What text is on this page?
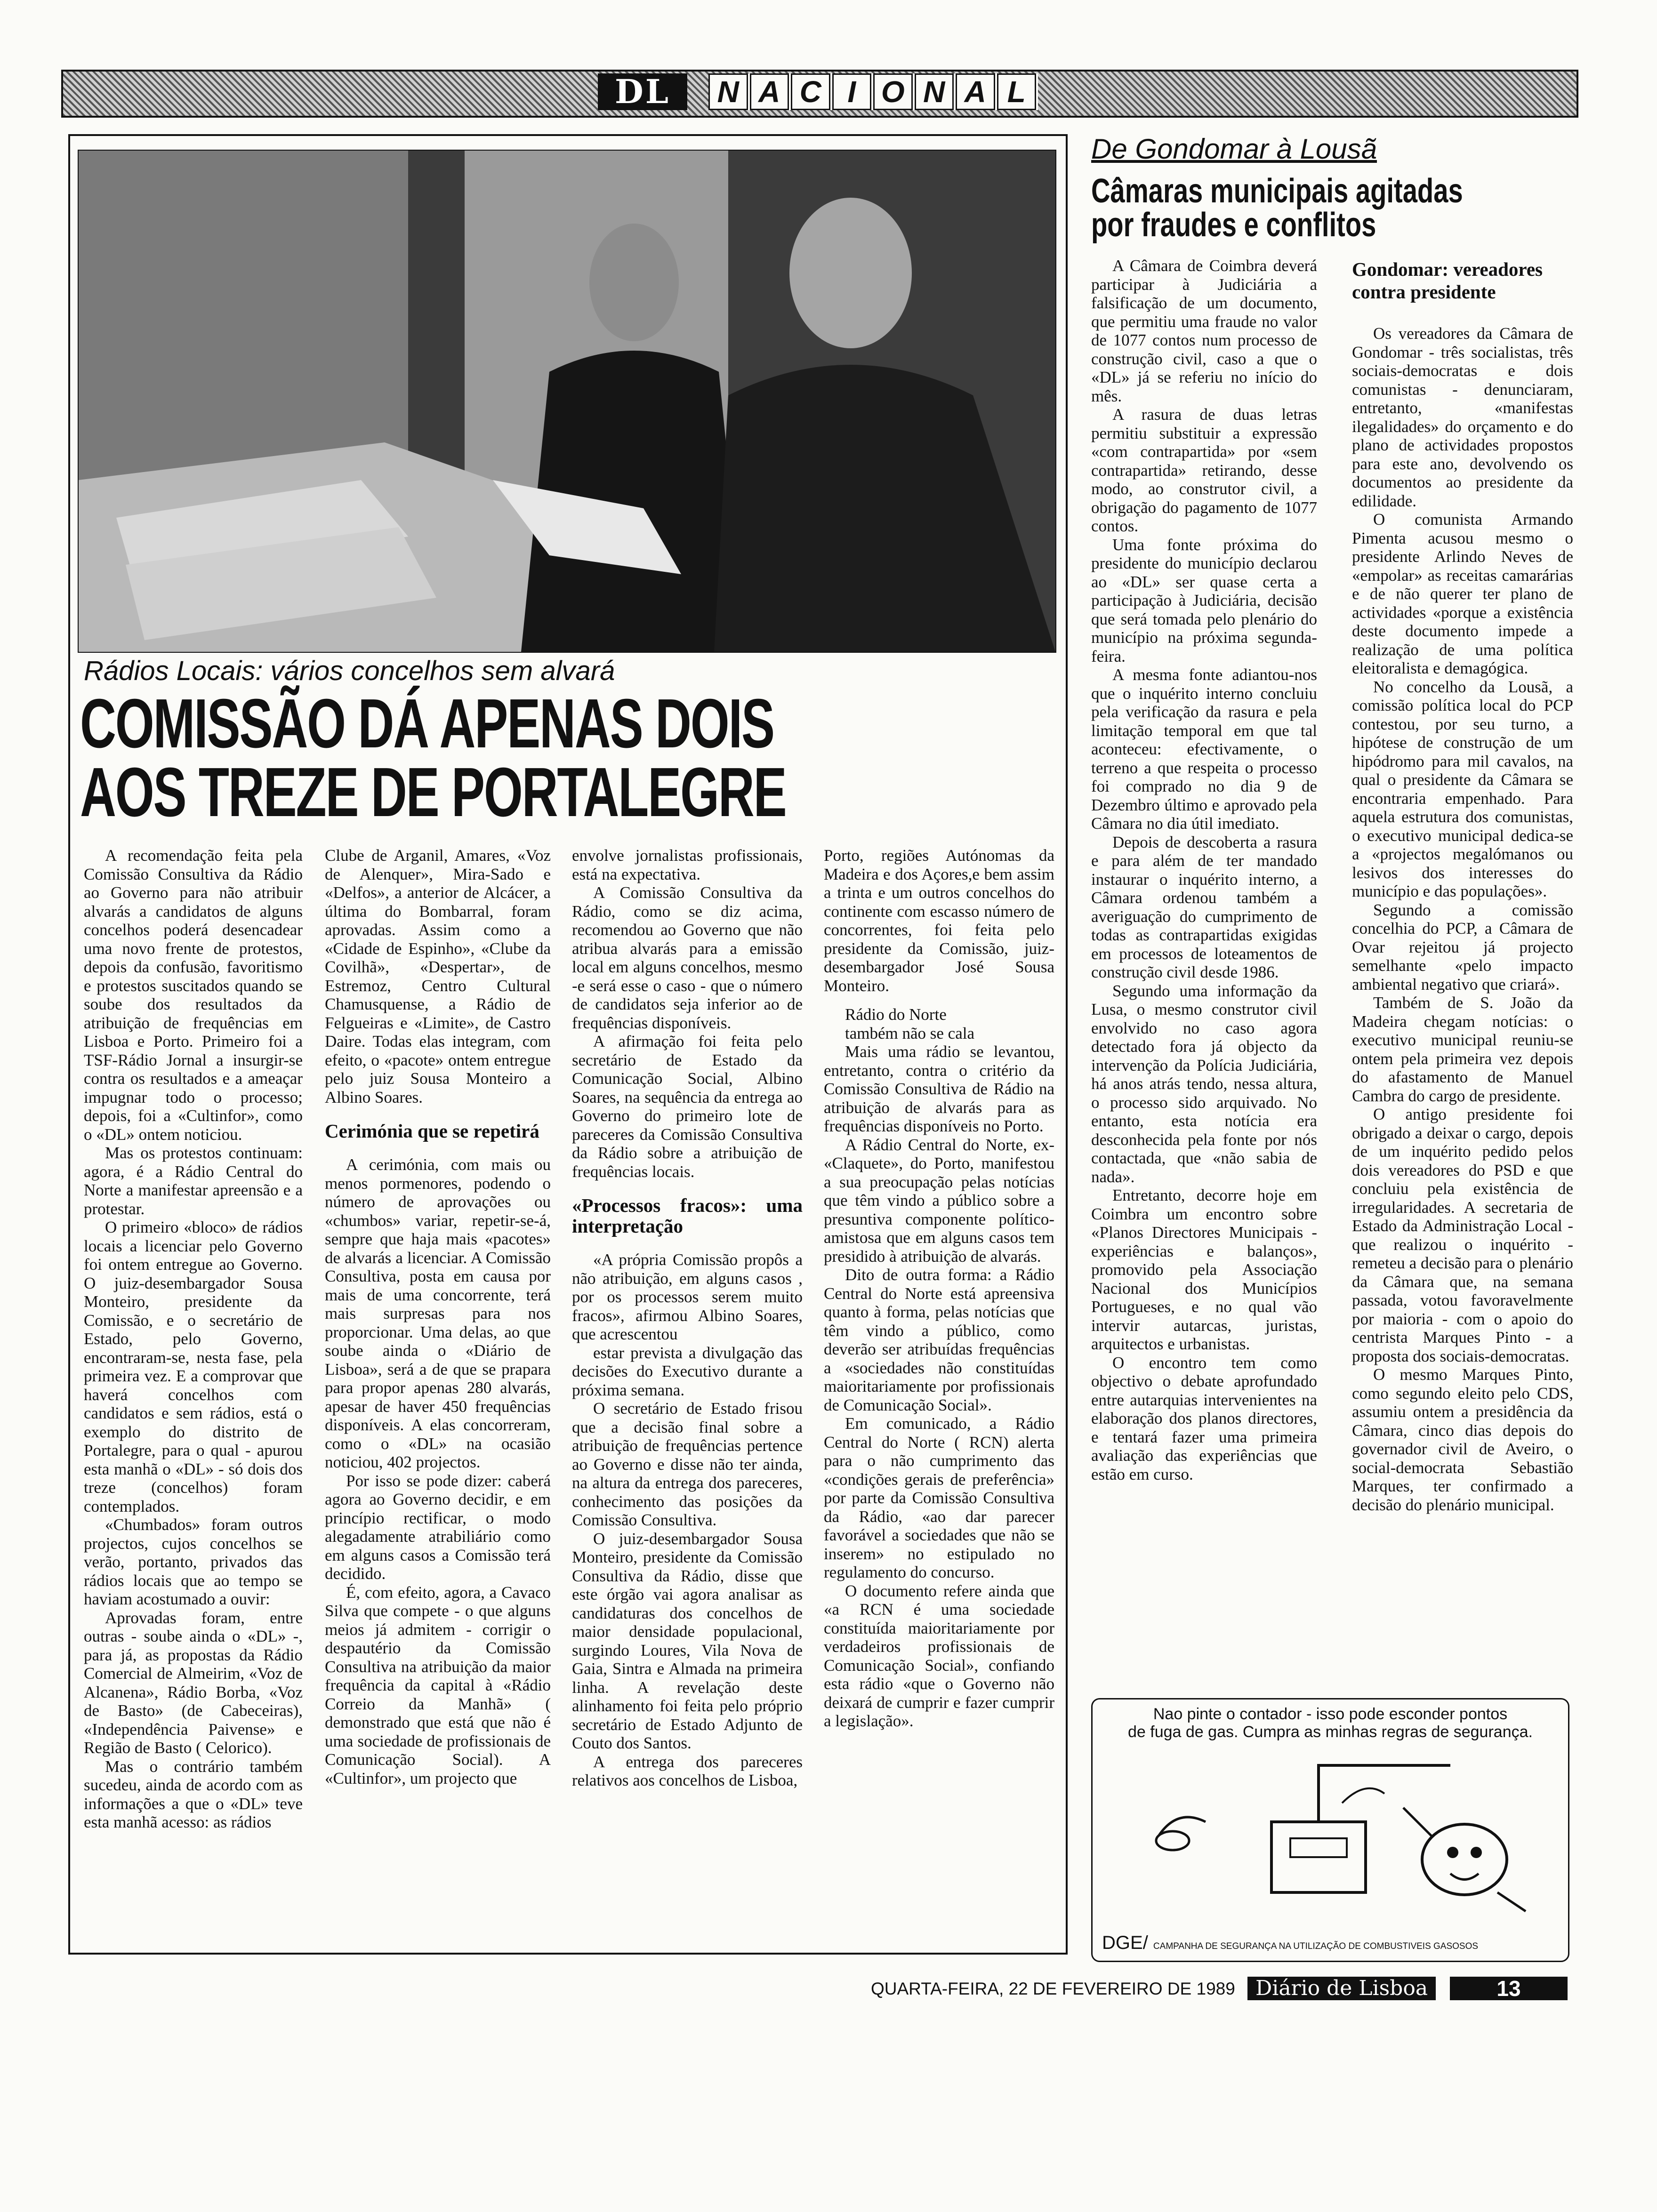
DL	N A C I O N A L
Rádios Locais: vários concelhos sem alvará
COMISSÃO DÁ APENAS DOIS
AOS TREZE DE PORTALEGRE

A recomendação feita pela Comissão Consultiva da Rádio ao Governo para não atribuir alvarás a candidatos de alguns concelhos poderá desencadear uma novo frente de protestos, depois da confusão, favoritismo e protestos suscitados quando se soube dos resultados da atribuição de frequências em Lisboa e Porto. Primeiro foi a TSF-Rádio Jornal a insurgir-se contra os resultados e a ameaçar impugnar todo o processo; depois, foi a «Cultinfor», como o «DL» ontem noticiou.

Mas os protestos continuam: agora, é a Rádio Central do Norte a manifestar apreensão e a protestar.

O primeiro «bloco» de rádios locais a licenciar pelo Governo foi ontem entregue ao Governo. O juiz-desembargador Sousa Monteiro, presidente da Comissão, e o secretário de Estado, pelo Governo, encontraram-se, nesta fase, pela primeira vez. E a comprovar que haverá concelhos com candidatos e sem rádios, está o exemplo do distrito de Portalegre, para o qual - apurou esta manhã o «DL» - só dois dos treze (concelhos) foram contemplados.

«Chumbados» foram outros projectos, cujos concelhos se verão, portanto, privados das rádios locais que ao tempo se haviam acostumado a ouvir:

Aprovadas foram, entre outras - soube ainda o «DL» -, para já, as propostas da Rádio Comercial de Almeirim, «Voz de Alcanena», Rádio Borba, «Voz de Basto» (de Cabeceiras), «Independência Paivense» e Região de Basto ( Celorico).

Mas o contrário também sucedeu, ainda de acordo com as informações a que o «DL» teve esta manhã acesso: as rádios

Clube de Arganil, Amares, «Voz de Alenquer», Mira-Sado e «Delfos», a anterior de Alcácer, a última do Bombarral, foram aprovadas. Assim como a «Cidade de Espinho», «Clube da Covilhã», «Despertar», de Estremoz, Centro Cultural Chamusquense, a Rádio de Felgueiras e «Limite», de Castro Daire. Todas elas integram, com efeito, o «pacote» ontem entregue pelo juiz Sousa Monteiro a Albino Soares.

Cerimónia que se repetirá

A cerimónia, com mais ou menos pormenores, podendo o número de aprovações ou «chumbos» variar, repetir-se-á, sempre que haja mais «pacotes» de alvarás a licenciar. A Comissão Consultiva, posta em causa por mais de uma concorrente, terá mais surpresas para nos proporcionar. Uma delas, ao que soube ainda o «Diário de Lisboa», será a de que se prapara para propor apenas 280 alvarás, apesar de haver 450 frequências disponíveis. A elas concorreram, como o «DL» na ocasião noticiou, 402 projectos.

Por isso se pode dizer: caberá agora ao Governo decidir, e em princípio rectificar, o modo alegadamente atrabiliário como em alguns casos a Comissão terá decidido.

É, com efeito, agora, a Cavaco Silva que compete - o que alguns meios já admitem - corrigir o despautério da Comissão Consultiva na atribuição da maior frequência da capital à «Rádio Correio da Manhã» ( demonstrado que está que não é uma sociedade de profissionais de Comunicação Social). A «Cultinfor», um projecto que

envolve jornalistas profissionais, está na expectativa.

A Comissão Consultiva da Rádio, como se diz acima, recomendou ao Governo que não atribua alvarás para a emissão local em alguns concelhos, mesmo -e será esse o caso - que o número de candidatos seja inferior ao de frequências disponíveis.

A afirmação foi feita pelo secretário de Estado da Comunicação Social, Albino Soares, na sequência da entrega ao Governo do primeiro lote de pareceres da Comissão Consultiva da Rádio sobre a atribuição de frequências locais.

«Processos fracos»: uma interpretação

«A própria Comissão propôs a não atribuição, em alguns casos , por os processos serem muito fracos», afirmou Albino Soares, que acrescentou

estar prevista a divulgação das decisões do Executivo durante a próxima semana.

O secretário de Estado frisou que a decisão final sobre a atribuição de frequências pertence ao Governo e disse não ter ainda, na altura da entrega dos pareceres, conhecimento das posições da Comissão Consultiva.

O juiz-desembargador Sousa Monteiro, presidente da Comissão Consultiva da Rádio, disse que este órgão vai agora analisar as candidaturas dos concelhos de maior densidade populacional, surgindo Loures, Vila Nova de Gaia, Sintra e Almada na primeira linha. A revelação deste alinhamento foi feita pelo próprio secretário de Estado Adjunto de Couto dos Santos.

A entrega dos pareceres relativos aos concelhos de Lisboa,

Porto, regiões Autónomas da Madeira e dos Açores,e bem assim a trinta e um outros concelhos do continente com escasso número de concorrentes, foi feita pelo presidente da Comissão, juiz-desembargador José Sousa Monteiro.

Rádio do Norte
também não se cala

Mais uma rádio se levantou, entretanto, contra o critério da Comissão Consultiva de Rádio na atribuição de alvarás para as frequências disponíveis no Porto.

A Rádio Central do Norte, ex- «Claquete», do Porto, manifestou a sua preocupação pelas notícias que têm vindo a público sobre a presuntiva componente político-amistosa que em alguns casos tem presidido à atribuição de alvarás.

Dito de outra forma: a Rádio Central do Norte está apreensiva quanto à forma, pelas notícias que têm vindo a público, como deverão ser atribuídas frequências a «sociedades não constituídas maioritariamente por profissionais de Comunicação Social».

Em comunicado, a Rádio Central do Norte ( RCN) alerta para o não cumprimento das «condições gerais de preferência» por parte da Comissão Consultiva da Rádio, «ao dar parecer favorável a sociedades que não se inserem» no estipulado no regulamento do concurso.

O documento refere ainda que «a RCN é uma sociedade constituída maioritariamente por verdadeiros profissionais de Comunicação Social», confiando esta rádio «que o Governo não deixará de cumprir e fazer cumprir a legislação».

De Gondomar à Lousã
Câmaras municipais agitadas
por fraudes e conflitos

A Câmara de Coimbra deverá participar à Judiciária a falsificação de um documento, que permitiu uma fraude no valor de 1077 contos num processo de construção civil, caso a que o «DL» já se referiu no início do mês.

A rasura de duas letras permitiu substituir a expressão «com contrapartida» por «sem contrapartida» retirando, desse modo, ao construtor civil, a obrigação do pagamento de 1077 contos.

Uma fonte próxima do presidente do município declarou ao «DL» ser quase certa a participação à Judiciária, decisão que será tomada pelo plenário do município na próxima segunda-feira.

A mesma fonte adiantou-nos que o inquérito interno concluiu pela verificação da rasura e pela limitação temporal em que tal aconteceu: efectivamente, o terreno a que respeita o processo foi comprado no dia 9 de Dezembro último e aprovado pela Câmara no dia útil imediato.

Depois de descoberta a rasura e para além de ter mandado instaurar o inquérito interno, a Câmara ordenou também a averiguação do cumprimento de todas as contrapartidas exigidas em processos de loteamentos de construção civil desde 1986.

Segundo uma informação da Lusa, o mesmo construtor civil envolvido no caso agora detectado fora já objecto da intervenção da Polícia Judiciária, há anos atrás tendo, nessa altura, o processo sido arquivado. No entanto, esta notícia era desconhecida pela fonte por nós contactada, que «não sabia de nada».

Entretanto, decorre hoje em Coimbra um encontro sobre «Planos Directores Municipais - experiências e balanços», promovido pela Associação Nacional dos Municípios Portugueses, e no qual vão intervir autarcas, juristas, arquitectos e urbanistas.

O encontro tem como objectivo o debate aprofundado entre autarquias intervenientes na elaboração dos planos directores, e tentará fazer uma primeira avaliação das experiências que estão em curso.

Gondomar: vereadores
contra presidente

Os vereadores da Câmara de Gondomar - três socialistas, três sociais-democratas e dois comunistas - denunciaram, entretanto, «manifestas ilegalidades» do orçamento e do plano de actividades propostos para este ano, devolvendo os documentos ao presidente da edilidade.

O comunista Armando Pimenta acusou mesmo o presidente Arlindo Neves de «empolar» as receitas camarárias e de não querer ter plano de actividades «porque a existência deste documento impede a realização de uma política eleitoralista e demagógica.

No concelho da Lousã, a comissão política local do PCP contestou, por seu turno, a hipótese de construção de um hipódromo para mil cavalos, na qual o presidente da Câmara se encontraria empenhado. Para aquela estrutura dos comunistas, o executivo municipal dedica-se a «projectos megalómanos ou lesivos dos interesses do município e das populações».

Segundo a comissão concelhia do PCP, a Câmara de Ovar rejeitou já projecto semelhante «pelo impacto ambiental negativo que criará».

Também de S. João da Madeira chegam notícias: o executivo municipal reuniu-se ontem pela primeira vez depois do afastamento de Manuel Cambra do cargo de presidente.

O antigo presidente foi obrigado a deixar o cargo, depois de um inquérito pedido pelos dois vereadores do PSD e que concluiu pela existência de irregularidades. A secretaria de Estado da Administração Local - que realizou o inquérito - remeteu a decisão para o plenário da Câmara que, na semana passada, votou favoravelmente por maioria - com o apoio do centrista Marques Pinto - a proposta dos sociais-democratas.

O mesmo Marques Pinto, como segundo eleito pelo CDS, assumiu ontem a presidência da Câmara, cinco dias depois do governador civil de Aveiro, o social-democrata Sebastião Marques, ter confirmado a decisão do plenário municipal.

Nao pinte o contador - isso pode esconder pontos
de fuga de gas. Cumpra as minhas regras de segurança.
DGE/ CAMPANHA DE SEGURANÇA NA UTILIZAÇÃO DE COMBUSTIVEIS GASOSOS
QUARTA-FEIRA, 22 DE FEVEREIRO DE 1989 Diário de Lisboa	13
